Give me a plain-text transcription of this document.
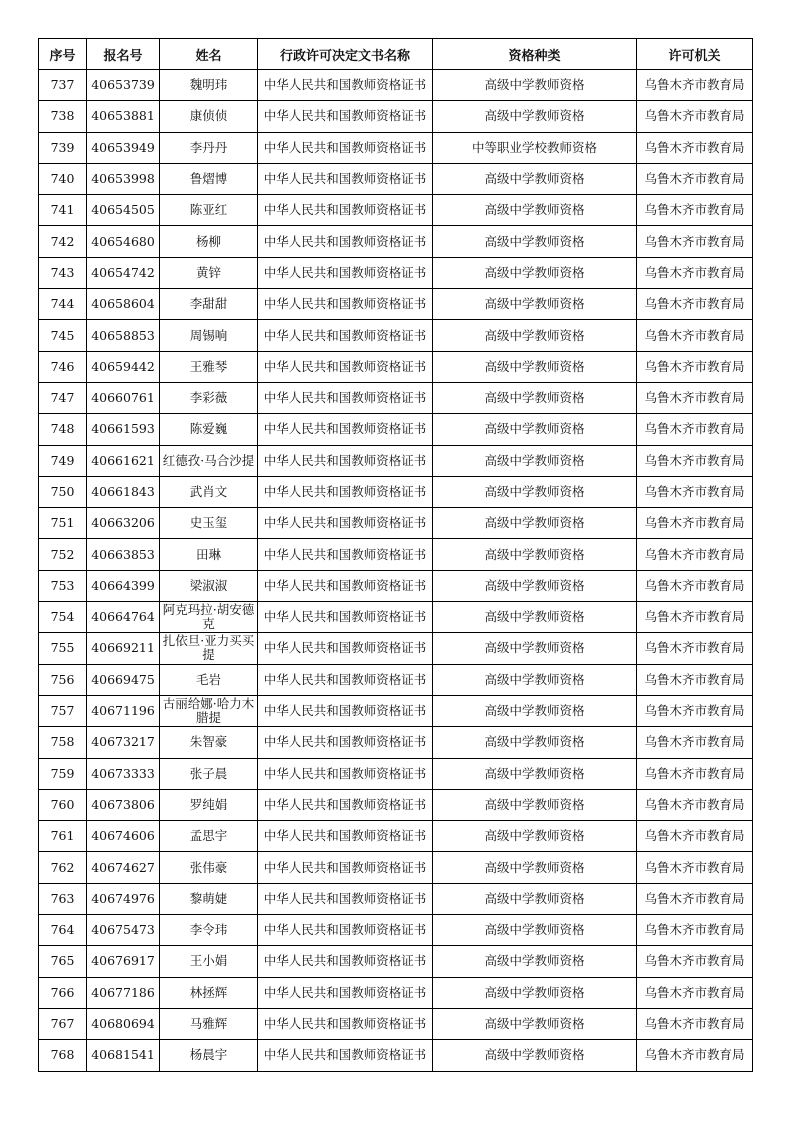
序号	报名号	姓名	行政许可决定文书名称	资格种类	许可机关
737	40653739	魏明玮	中华人民共和国教师资格证书	高级中学教师资格	乌鲁木齐市教育局
738	40653881	康侦侦	中华人民共和国教师资格证书	高级中学教师资格	乌鲁木齐市教育局
739	40653949	李丹丹	中华人民共和国教师资格证书	中等职业学校教师资格	乌鲁木齐市教育局
740	40653998	鲁熠博	中华人民共和国教师资格证书	高级中学教师资格	乌鲁木齐市教育局
741	40654505	陈亚红	中华人民共和国教师资格证书	高级中学教师资格	乌鲁木齐市教育局
742	40654680	杨柳	中华人民共和国教师资格证书	高级中学教师资格	乌鲁木齐市教育局
743	40654742	黄锌	中华人民共和国教师资格证书	高级中学教师资格	乌鲁木齐市教育局
744	40658604	李甜甜	中华人民共和国教师资格证书	高级中学教师资格	乌鲁木齐市教育局
745	40658853	周锡响	中华人民共和国教师资格证书	高级中学教师资格	乌鲁木齐市教育局
746	40659442	王雅琴	中华人民共和国教师资格证书	高级中学教师资格	乌鲁木齐市教育局
747	40660761	李彩薇	中华人民共和国教师资格证书	高级中学教师资格	乌鲁木齐市教育局
748	40661593	陈爱巍	中华人民共和国教师资格证书	高级中学教师资格	乌鲁木齐市教育局
749	40661621	红德孜·马合沙提	中华人民共和国教师资格证书	高级中学教师资格	乌鲁木齐市教育局
750	40661843	武肖文	中华人民共和国教师资格证书	高级中学教师资格	乌鲁木齐市教育局
751	40663206	史玉玺	中华人民共和国教师资格证书	高级中学教师资格	乌鲁木齐市教育局
752	40663853	田琳	中华人民共和国教师资格证书	高级中学教师资格	乌鲁木齐市教育局
753	40664399	梁淑淑	中华人民共和国教师资格证书	高级中学教师资格	乌鲁木齐市教育局
754	40664764	阿克玛拉·胡安德克	中华人民共和国教师资格证书	高级中学教师资格	乌鲁木齐市教育局
755	40669211	扎依旦·亚力买买提	中华人民共和国教师资格证书	高级中学教师资格	乌鲁木齐市教育局
756	40669475	毛岩	中华人民共和国教师资格证书	高级中学教师资格	乌鲁木齐市教育局
757	40671196	古丽给娜·哈力木腊提	中华人民共和国教师资格证书	高级中学教师资格	乌鲁木齐市教育局
758	40673217	朱智豪	中华人民共和国教师资格证书	高级中学教师资格	乌鲁木齐市教育局
759	40673333	张子晨	中华人民共和国教师资格证书	高级中学教师资格	乌鲁木齐市教育局
760	40673806	罗纯娟	中华人民共和国教师资格证书	高级中学教师资格	乌鲁木齐市教育局
761	40674606	孟思宇	中华人民共和国教师资格证书	高级中学教师资格	乌鲁木齐市教育局
762	40674627	张伟豪	中华人民共和国教师资格证书	高级中学教师资格	乌鲁木齐市教育局
763	40674976	黎萌婕	中华人民共和国教师资格证书	高级中学教师资格	乌鲁木齐市教育局
764	40675473	李令玮	中华人民共和国教师资格证书	高级中学教师资格	乌鲁木齐市教育局
765	40676917	王小娟	中华人民共和国教师资格证书	高级中学教师资格	乌鲁木齐市教育局
766	40677186	林拯辉	中华人民共和国教师资格证书	高级中学教师资格	乌鲁木齐市教育局
767	40680694	马雅辉	中华人民共和国教师资格证书	高级中学教师资格	乌鲁木齐市教育局
768	40681541	杨晨宇	中华人民共和国教师资格证书	高级中学教师资格	乌鲁木齐市教育局
